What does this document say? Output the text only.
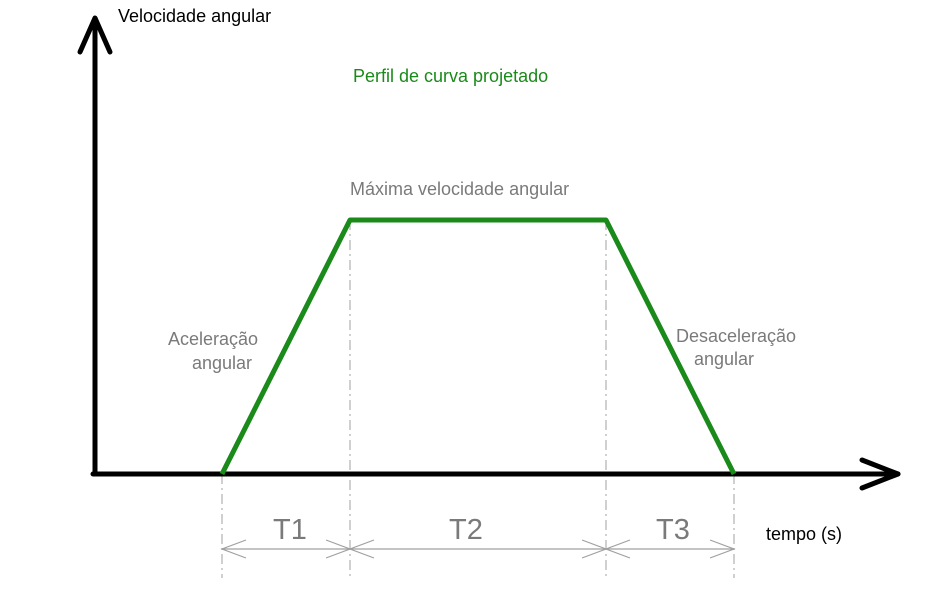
Velocidade angular
Perfil de curva projetado
Máxima velocidade angular
Aceleração
angular
Desaceleração
angular
T1	T2	T3	tempo (s)
